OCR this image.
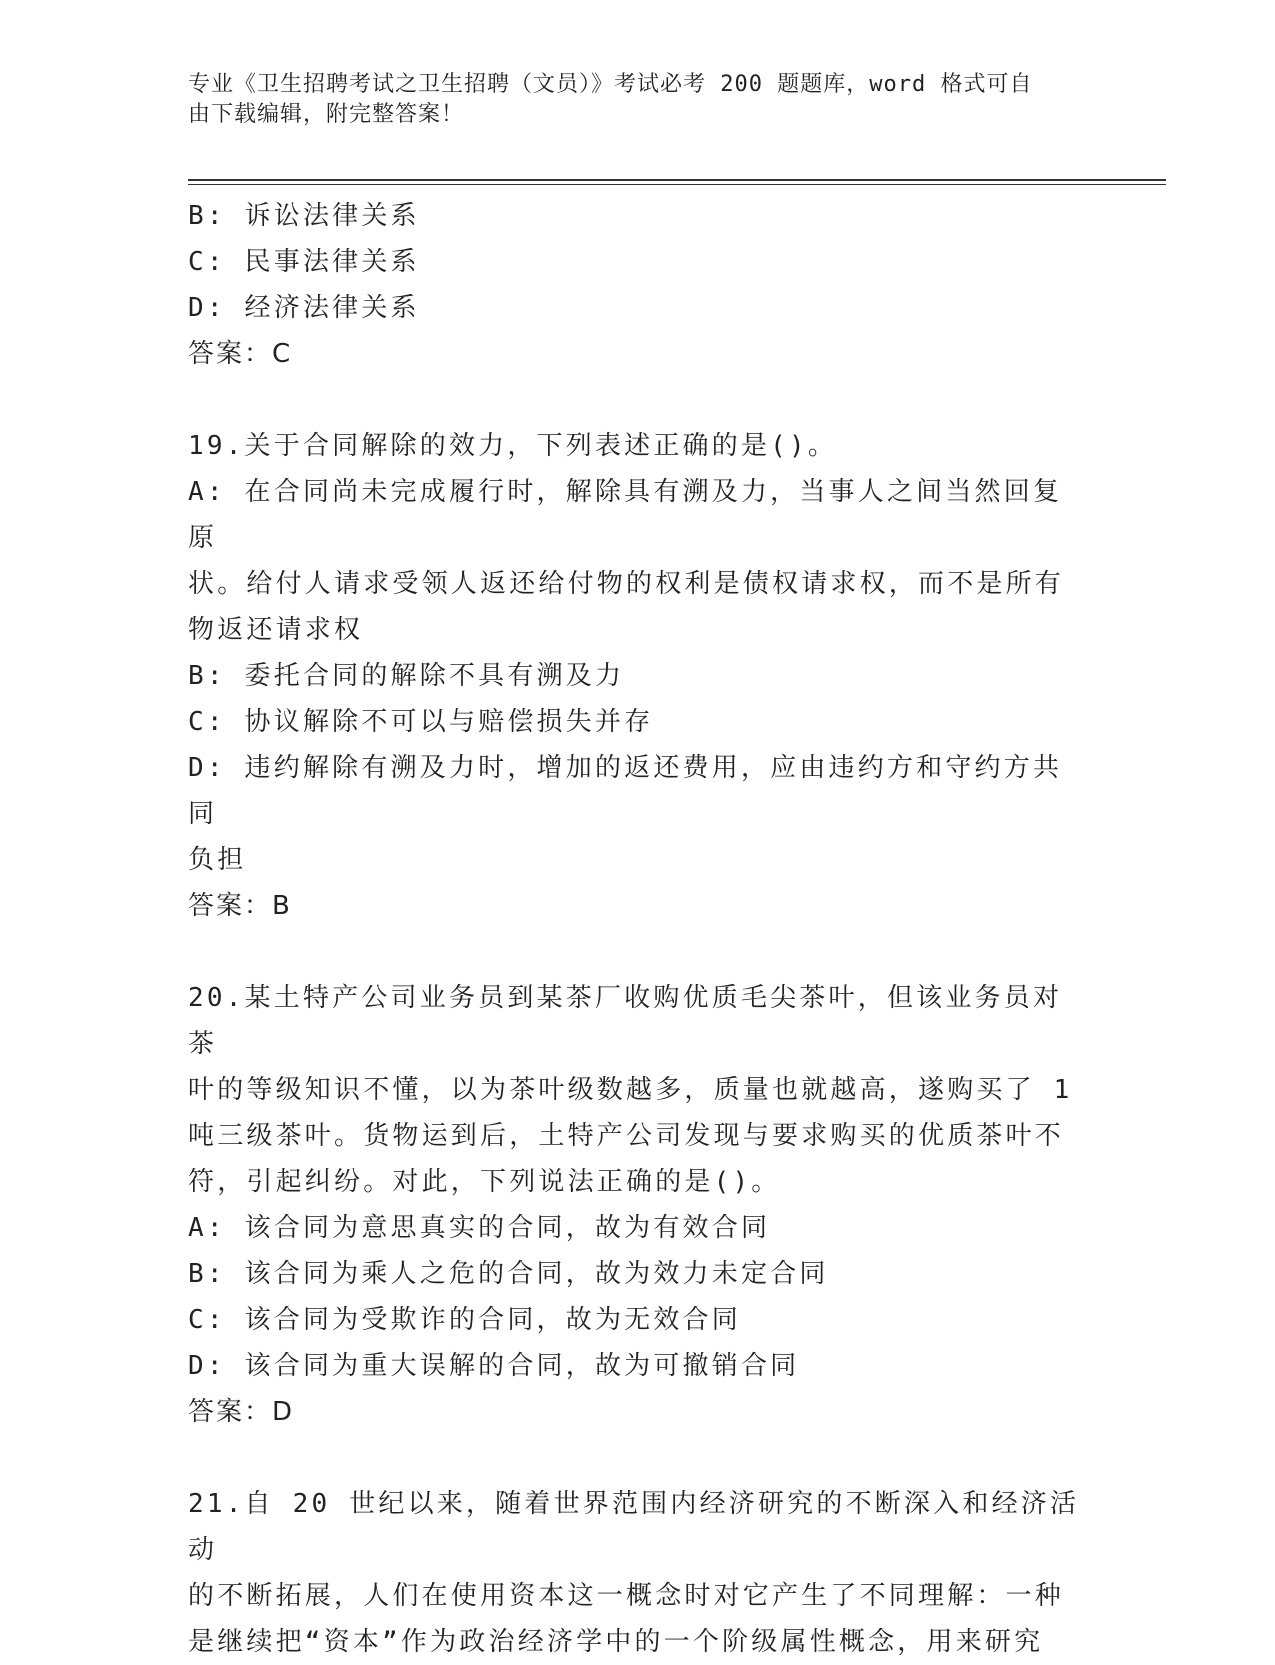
专业《卫生招聘考试之卫生招聘（文员）》考试必考 200 题题库，word 格式可自
由下载编辑，附完整答案！
B: 诉讼法律关系
C: 民事法律关系
D: 经济法律关系
答案：C
19.关于合同解除的效力，下列表述正确的是()。
A: 在合同尚未完成履行时，解除具有溯及力，当事人之间当然回复原
状。给付人请求受领人返还给付物的权利是债权请求权，而不是所有
物返还请求权
B: 委托合同的解除不具有溯及力
C: 协议解除不可以与赔偿损失并存
D: 违约解除有溯及力时，增加的返还费用，应由违约方和守约方共同
负担
答案：B
20.某土特产公司业务员到某茶厂收购优质毛尖茶叶，但该业务员对茶
叶的等级知识不懂，以为茶叶级数越多，质量也就越高，遂购买了 1
吨三级茶叶。货物运到后，土特产公司发现与要求购买的优质茶叶不
符，引起纠纷。对此，下列说法正确的是()。
A: 该合同为意思真实的合同，故为有效合同
B: 该合同为乘人之危的合同，故为效力未定合同
C: 该合同为受欺诈的合同，故为无效合同
D: 该合同为重大误解的合同，故为可撤销合同
答案：D
21.自 20 世纪以来，随着世界范围内经济研究的不断深入和经济活动
的不断拓展，人们在使用资本这一概念时对它产生了不同理解：一种
是继续把“资本”作为政治经济学中的一个阶级属性概念，用来研究
